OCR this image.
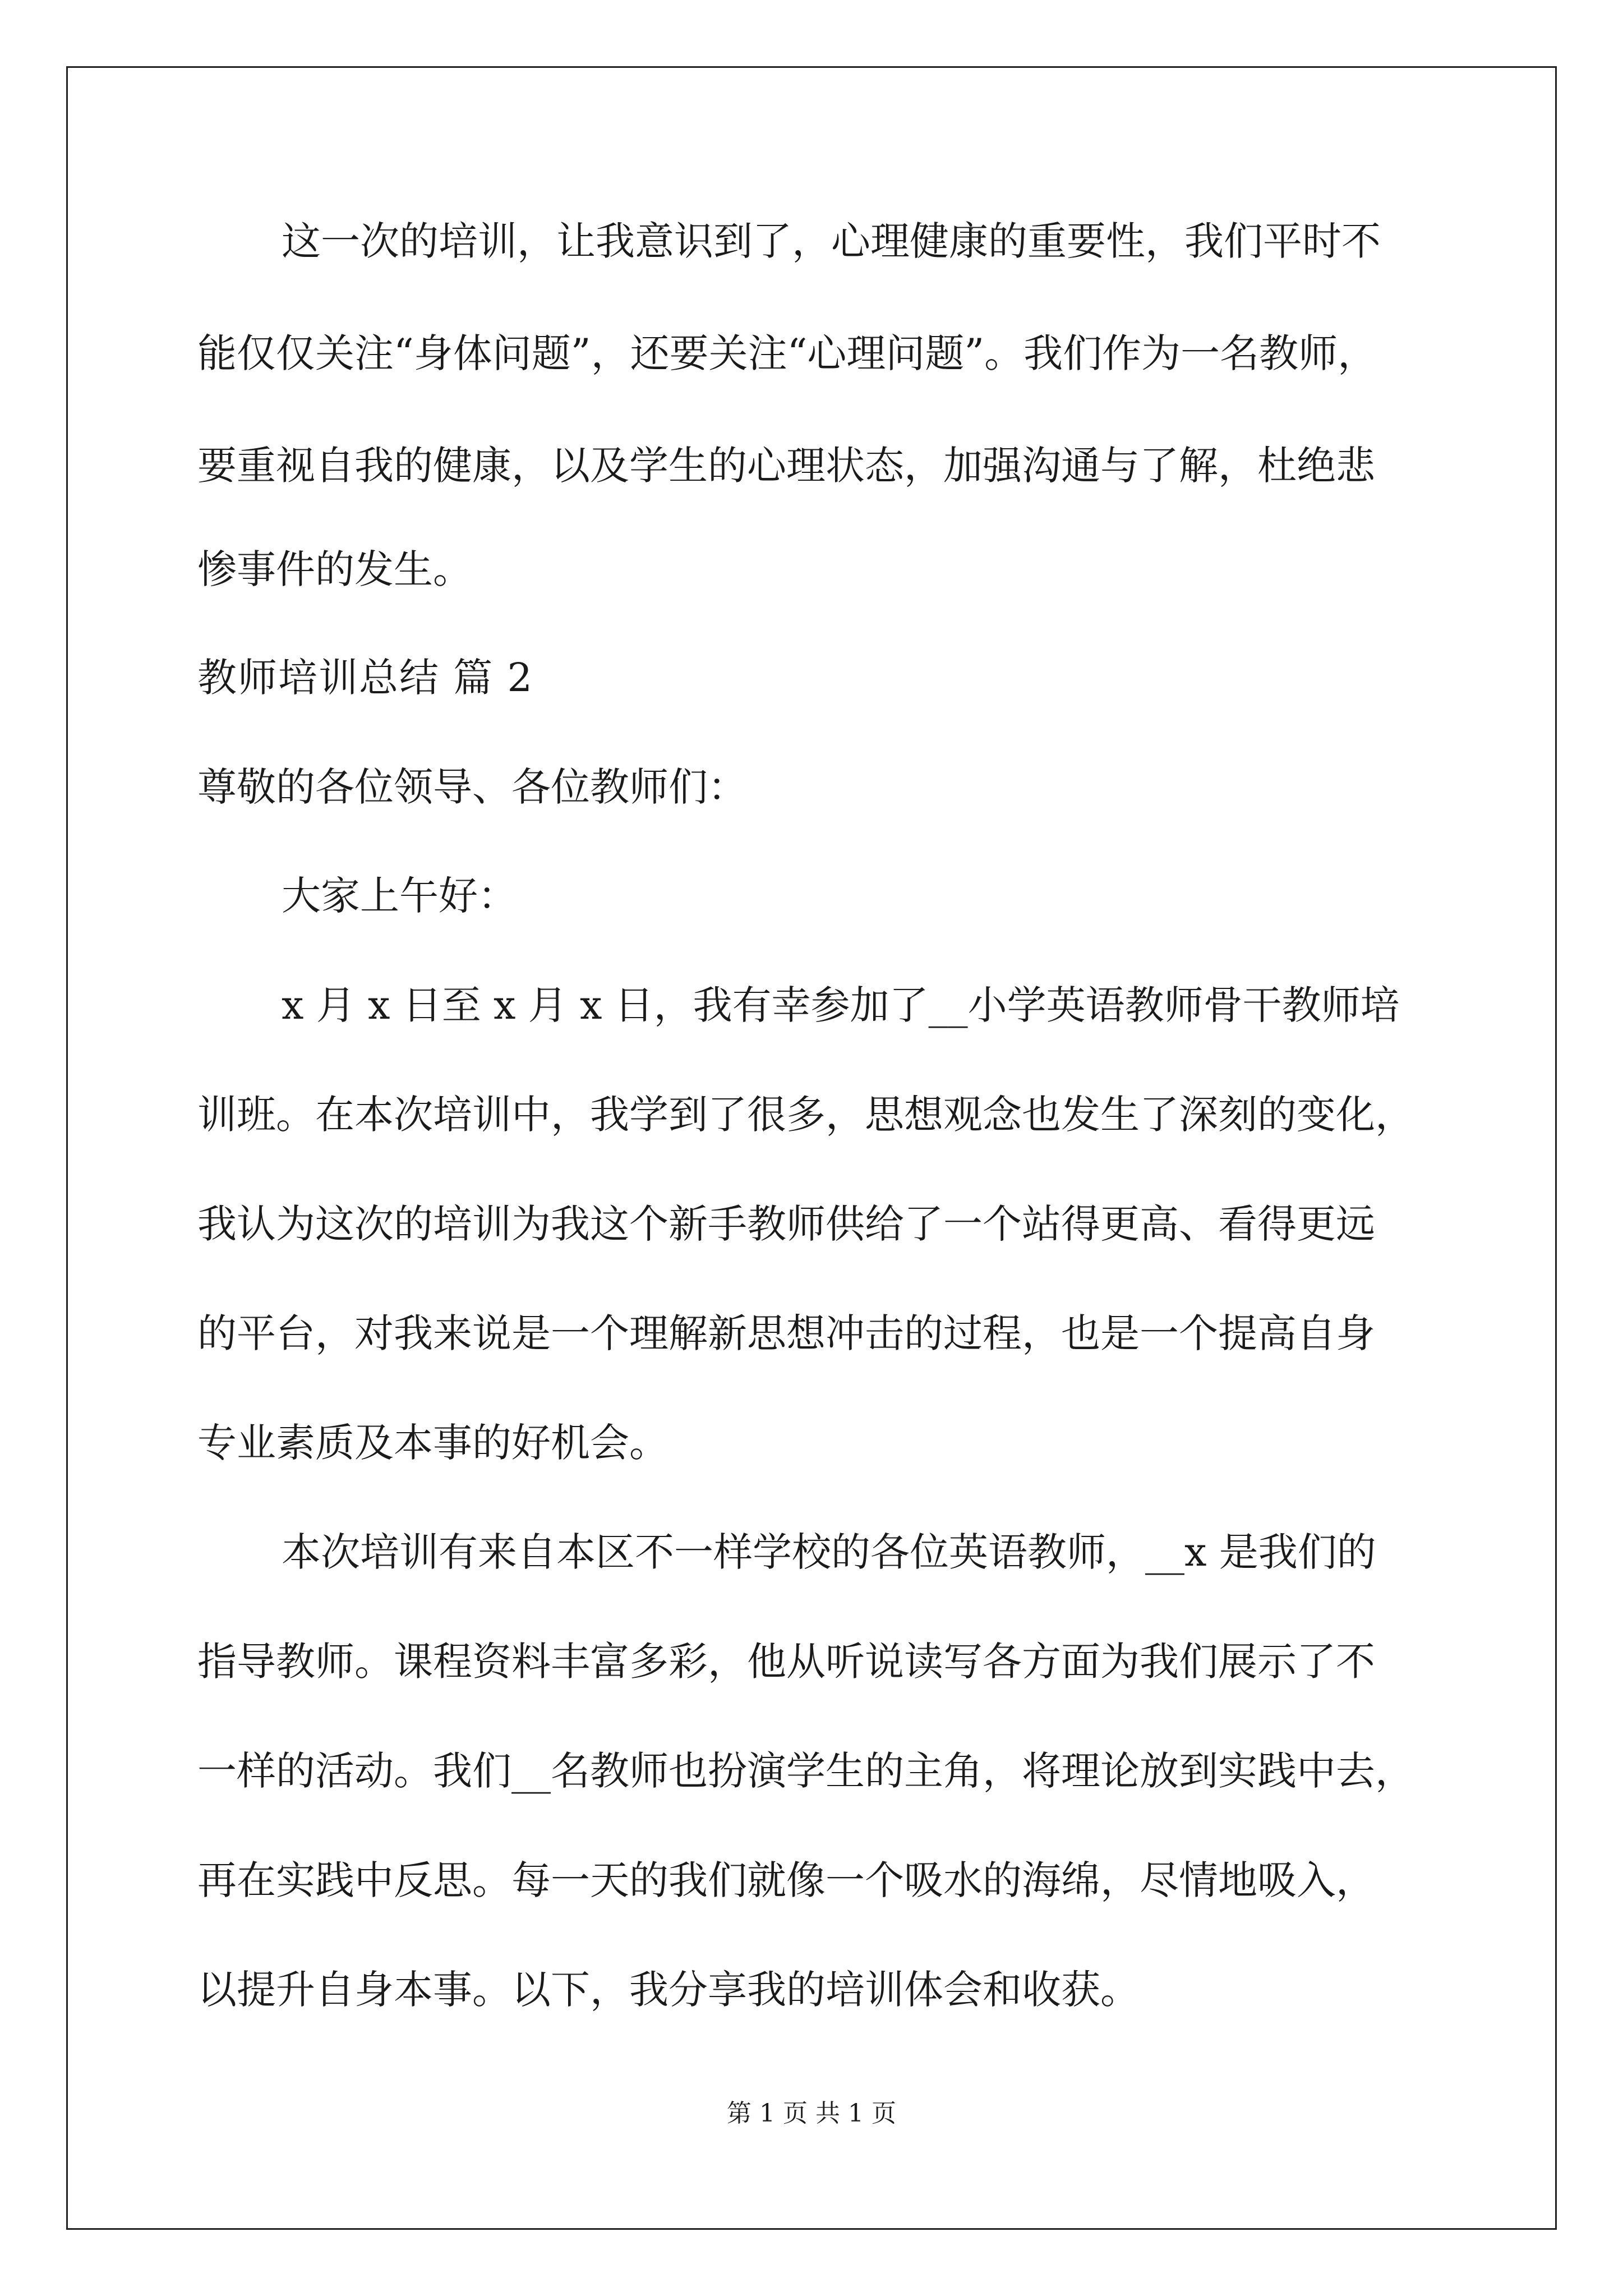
这一次的培训，让我意识到了，心理健康的重要性，我们平时不
能仅仅关注“身体问题”，还要关注“心理问题”。我们作为一名教师，
要重视自我的健康，以及学生的心理状态，加强沟通与了解，杜绝悲
惨事件的发生。
教师培训总结 篇 2
尊敬的各位领导、各位教师们：
大家上午好：
x 月 x 日至 x 月 x 日，我有幸参加了__小学英语教师骨干教师培
训班。在本次培训中，我学到了很多，思想观念也发生了深刻的变化，
我认为这次的培训为我这个新手教师供给了一个站得更高、看得更远
的平台，对我来说是一个理解新思想冲击的过程，也是一个提高自身
专业素质及本事的好机会。
本次培训有来自本区不一样学校的各位英语教师，__x 是我们的
指导教师。课程资料丰富多彩，他从听说读写各方面为我们展示了不
一样的活动。我们__名教师也扮演学生的主角，将理论放到实践中去，
再在实践中反思。每一天的我们就像一个吸水的海绵，尽情地吸入，
以提升自身本事。以下，我分享我的培训体会和收获。
第 1 页 共 1 页
